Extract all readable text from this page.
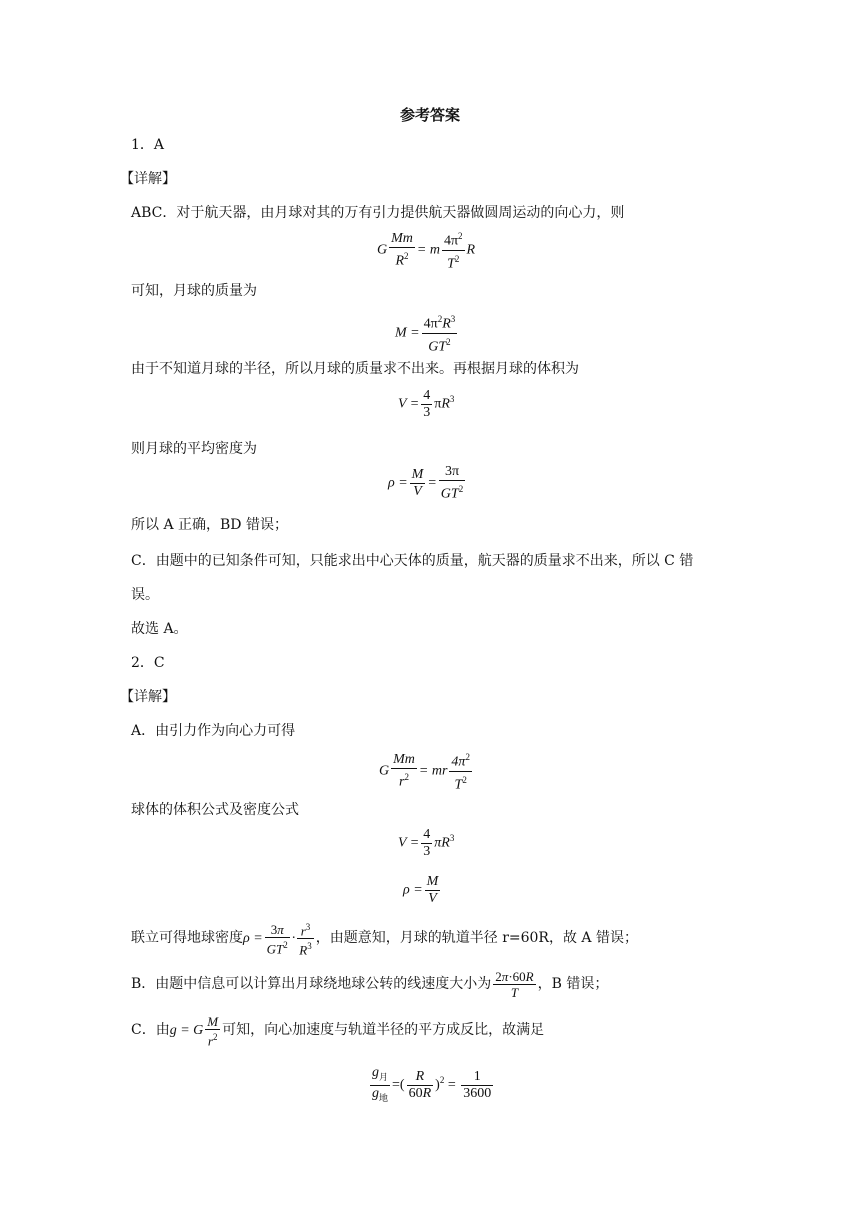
参考答案
1．A
【详解】
ABC．对于航天器，由月球对其的万有引力提供航天器做圆周运动的向心力，则
G $\frac{Mm}{R^2} = m \frac{4\pi^2}{T^2}$ R
可知，月球的质量为
$M = \frac{4\pi^2R^3}{GT^2}$
由于不知道月球的半径，所以月球的质量求不出来。再根据月球的体积为
$V = \frac{4}{3} \pi R^3$
则月球的平均密度为
$\rho = \frac{M}{V} = \frac{3\pi}{GT^2}$
所以 A 正确，BD 错误；
C．由题中的已知条件可知，只能求出中心天体的质量，航天器的质量求不出来，所以 C 错
误。
故选 A。
2．C
【详解】
A．由引力作为向心力可得
G $\frac{Mm}{r^2}$ = mr $\frac{4\pi^2}{T^2}$
球体的体积公式及密度公式
$V = \frac{4}{3} \pi R^3$
$\rho = \frac{M}{V}$
联立可得地球密度$\rho = \frac{3\pi}{GT^2} \cdot \frac{r^3}{R^3}$ ，由题意知，月球的轨道半径 r=60R，故 A 错误；
B．由题中信息可以计算出月球绕地球公转的线速度大小为 $\frac{2\pi\cdot 60R}{T}$ ，B 错误；
C．由g = G $\frac{M}{r^2}$ 可知，向心加速度与轨道半径的平方成反比，故满足
$\frac{g_月}{g_地}$ =( $\frac{R}{60R} )^2 = \frac{1}{3600}$
